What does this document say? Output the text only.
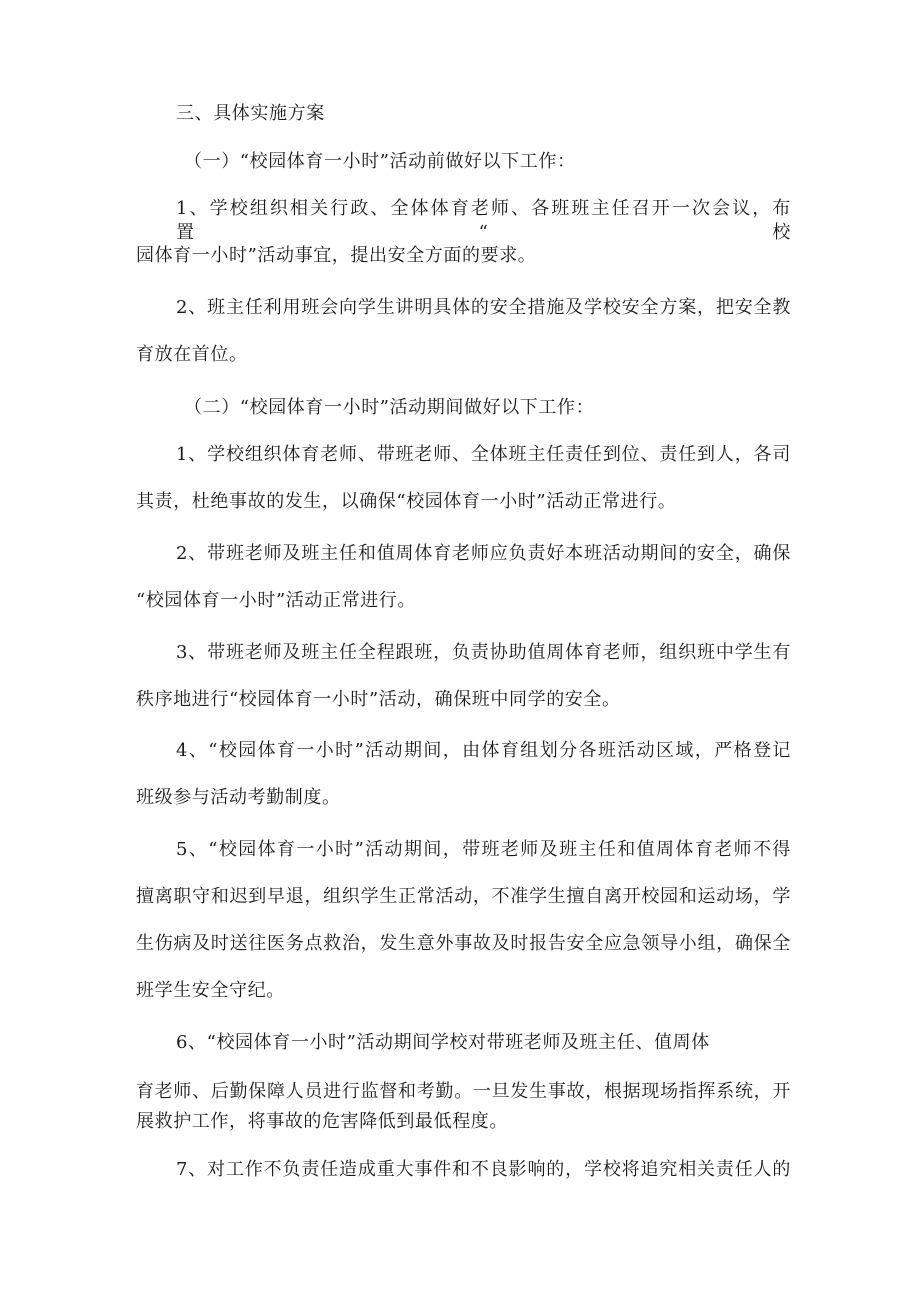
三、具体实施方案
（一）“校园体育一小时”活动前做好以下工作：
1、学校组织相关行政、全体体育老师、各班班主任召开一次会议，布置“校
园体育一小时”活动事宜，提出安全方面的要求。
2、班主任利用班会向学生讲明具体的安全措施及学校安全方案，把安全教
育放在首位。
（二）“校园体育一小时”活动期间做好以下工作：
1、学校组织体育老师、带班老师、全体班主任责任到位、责任到人，各司
其责，杜绝事故的发生，以确保“校园体育一小时”活动正常进行。
2、带班老师及班主任和值周体育老师应负责好本班活动期间的安全，确保
“校园体育一小时”活动正常进行。
3、带班老师及班主任全程跟班，负责协助值周体育老师，组织班中学生有
秩序地进行“校园体育一小时”活动，确保班中同学的安全。
4、“校园体育一小时”活动期间，由体育组划分各班活动区域，严格登记
班级参与活动考勤制度。
5、“校园体育一小时”活动期间，带班老师及班主任和值周体育老师不得
擅离职守和迟到早退，组织学生正常活动，不准学生擅自离开校园和运动场，学
生伤病及时送往医务点救治，发生意外事故及时报告安全应急领导小组，确保全
班学生安全守纪。
6、“校园体育一小时”活动期间学校对带班老师及班主任、值周体
育老师、后勤保障人员进行监督和考勤。一旦发生事故，根据现场指挥系统，开
展救护工作，将事故的危害降低到最低程度。
7、对工作不负责任造成重大事件和不良影响的，学校将追究相关责任人的
